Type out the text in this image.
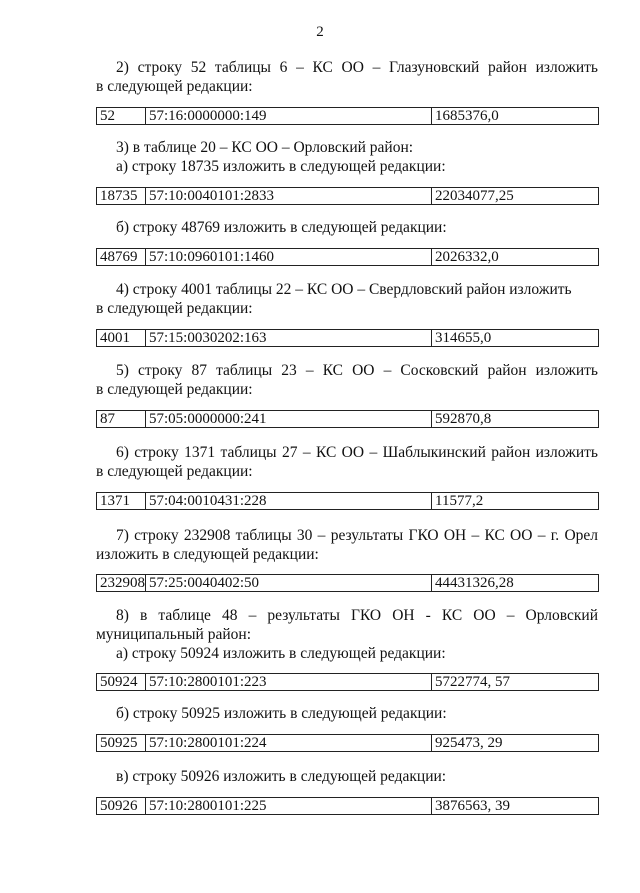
2
2) строку 52 таблицы 6 – КС ОО – Глазуновский район изложить
в следующей редакции:
52	57:16:0000000:149	1685376,0
3) в таблице 20 – КС ОО – Орловский район:
а) строку 18735 изложить в следующей редакции:
18735	57:10:0040101:2833	22034077,25
б) строку 48769 изложить в следующей редакции:
48769	57:10:0960101:1460	2026332,0
4) строку 4001 таблицы 22 – КС ОО – Свердловский район изложить
в следующей редакции:
4001	57:15:0030202:163	314655,0
5) строку 87 таблицы 23 – КС ОО – Сосковский район изложить
в следующей редакции:
87	57:05:0000000:241	592870,8
6) строку 1371 таблицы 27 – КС ОО – Шаблыкинский район изложить
в следующей редакции:
1371	57:04:0010431:228	11577,2
7) строку 232908 таблицы 30 – результаты ГКО ОН – КС ОО – г. Орел
изложить в следующей редакции:
232908	57:25:0040402:50	44431326,28
8) в таблице 48 – результаты ГКО ОН - КС ОО – Орловский
муниципальный район:
а) строку 50924 изложить в следующей редакции:
50924	57:10:2800101:223	5722774, 57
б) строку 50925 изложить в следующей редакции:
50925	57:10:2800101:224	925473, 29
в) строку 50926 изложить в следующей редакции:
50926	57:10:2800101:225	3876563, 39
